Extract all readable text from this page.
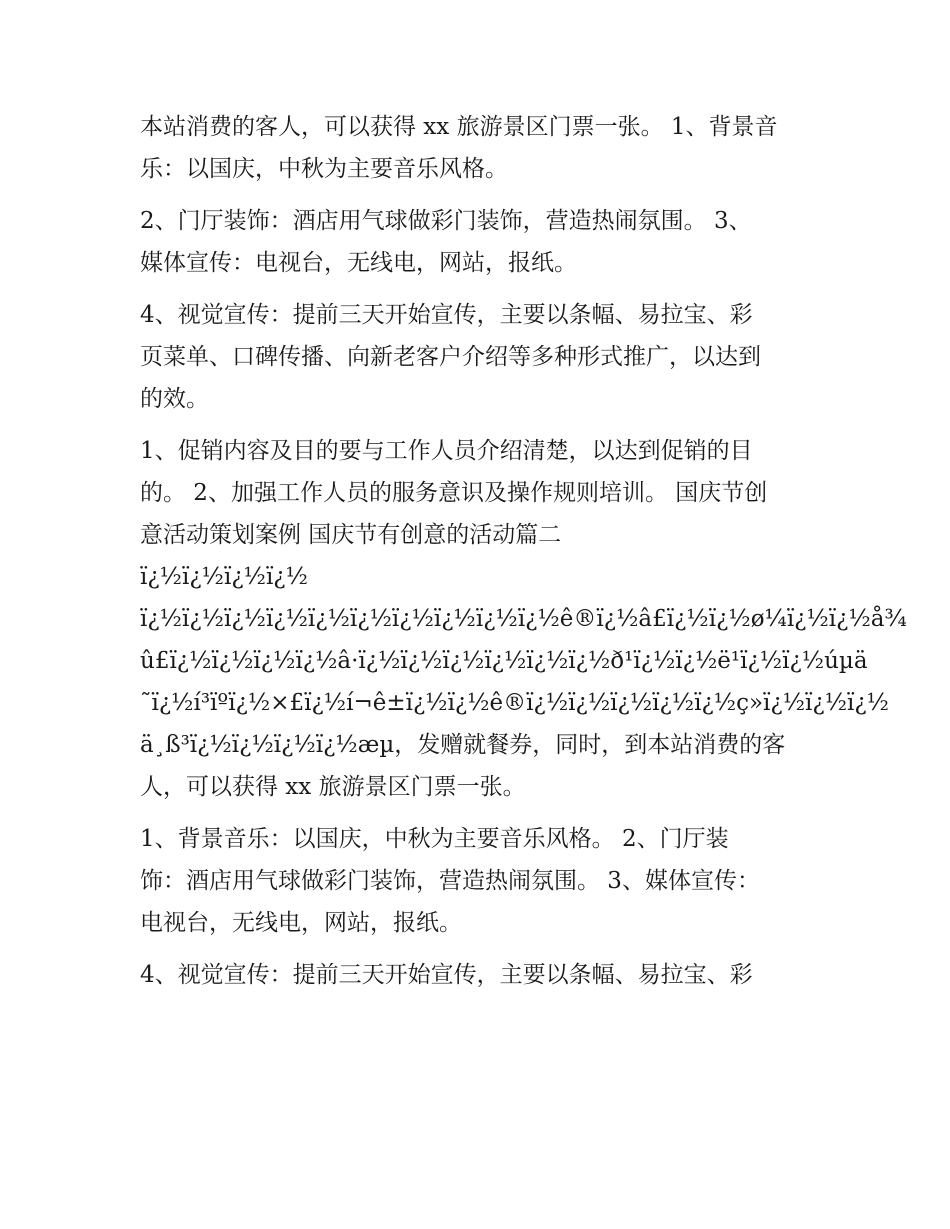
本站消费的客人，可以获得 xx 旅游景区门票一张。 1、背景音
乐：以国庆，中秋为主要音乐风格。
2、门厅装饰：酒店用气球做彩门装饰，营造热闹氛围。 3、
媒体宣传：电视台，无线电，网站，报纸。
4、视觉宣传：提前三天开始宣传，主要以条幅、易拉宝、彩
页菜单、口碑传播、向新老客户介绍等多种形式推广，以达到
的效。
1、促销内容及目的要与工作人员介绍清楚，以达到促销的目
的。 2、加强工作人员的服务意识及操作规则培训。 国庆节创
意活动策划案例 国庆节有创意的活动篇二
ï¿½ï¿½ï¿½ï¿½
ï¿½ï¿½ï¿½ï¿½ï¿½ï¿½ï¿½ï¿½ï¿½ï¿½ê®ï¿½â£ï¿½ï¿½ø¼ï¿½ï¿½å¾
û£ï¿½ï¿½ï¿½ï¿½â·ï¿½ï¿½ï¿½ï¿½ï¿½ï¿½ð¹ï¿½ï¿½ë¹ï¿½ï¿½úµä
˜ï¿½í³ïºï¿½×£ï¿½í¬ê±ï¿½ï¿½ê®ï¿½ï¿½ï¿½ï¿½ï¿½ç»ï¿½ï¿½ï¿½
ä¸ß³ï¿½ï¿½ï¿½ï¿½æµ，发赠就餐券，同时，到本站消费的客
人，可以获得 xx 旅游景区门票一张。
1、背景音乐：以国庆，中秋为主要音乐风格。 2、门厅装
饰：酒店用气球做彩门装饰，营造热闹氛围。 3、媒体宣传：
电视台，无线电，网站，报纸。
4、视觉宣传：提前三天开始宣传，主要以条幅、易拉宝、彩
